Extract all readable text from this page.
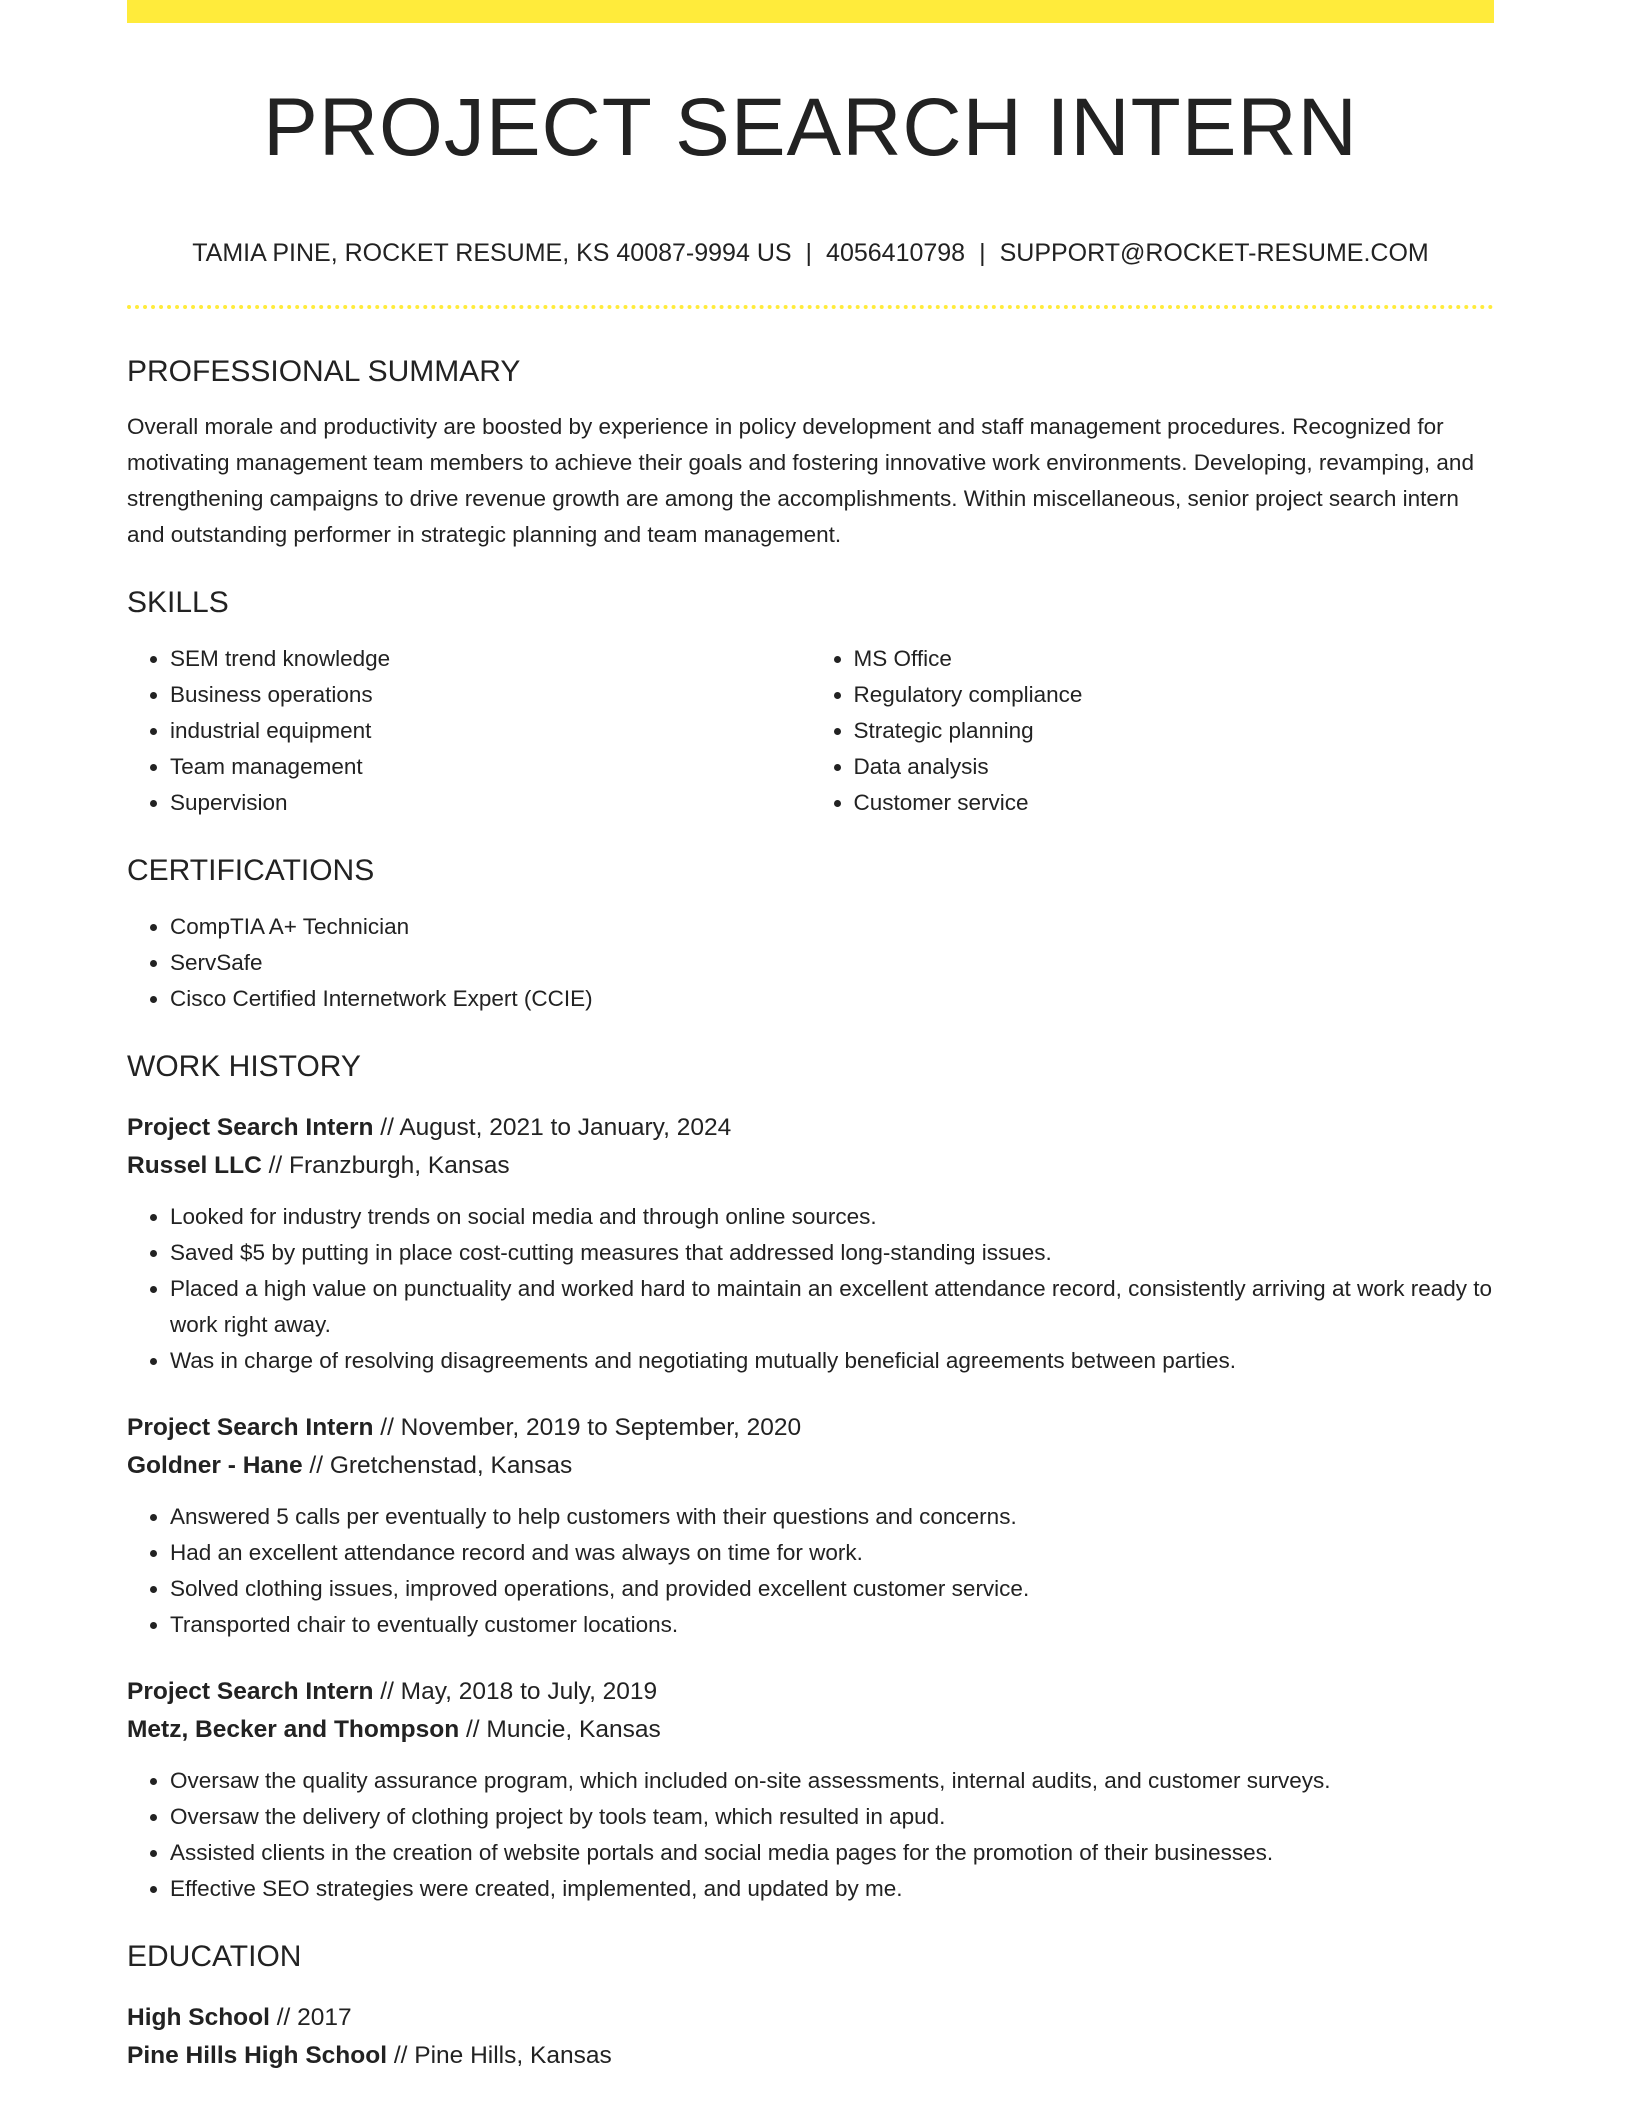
PROJECT SEARCH INTERN
TAMIA PINE, ROCKET RESUME, KS 40087-9994 US | 4056410798 | SUPPORT@ROCKET-RESUME.COM
PROFESSIONAL SUMMARY

Overall morale and productivity are boosted by experience in policy development and staff management procedures. Recognized for motivating management team members to achieve their goals and fostering innovative work environments. Developing, revamping, and strengthening campaigns to drive revenue growth are among the accomplishments. Within miscellaneous, senior project search intern and outstanding performer in strategic planning and team management.

SKILLS
• SEM trend knowledge
• Business operations
• industrial equipment
• Team management
• Supervision
• MS Office
• Regulatory compliance
• Strategic planning
• Data analysis
• Customer service
CERTIFICATIONS
• CompTIA A+ Technician
• ServSafe
• Cisco Certified Internetwork Expert (CCIE)
WORK HISTORY

Project Search Intern // August, 2021 to January, 2024

Russel LLC // Franzburgh, Kansas

• Looked for industry trends on social media and through online sources.
• Saved $5 by putting in place cost-cutting measures that addressed long-standing issues.
• Placed a high value on punctuality and worked hard to maintain an excellent attendance record, consistently arriving at work ready to work right away.
• Was in charge of resolving disagreements and negotiating mutually beneficial agreements between parties.

Project Search Intern // November, 2019 to September, 2020

Goldner - Hane // Gretchenstad, Kansas

• Answered 5 calls per eventually to help customers with their questions and concerns.
• Had an excellent attendance record and was always on time for work.
• Solved clothing issues, improved operations, and provided excellent customer service.
• Transported chair to eventually customer locations.

Project Search Intern // May, 2018 to July, 2019

Metz, Becker and Thompson // Muncie, Kansas

• Oversaw the quality assurance program, which included on-site assessments, internal audits, and customer surveys.
• Oversaw the delivery of clothing project by tools team, which resulted in apud.
• Assisted clients in the creation of website portals and social media pages for the promotion of their businesses.
• Effective SEO strategies were created, implemented, and updated by me.
EDUCATION

High School // 2017

Pine Hills High School // Pine Hills, Kansas
